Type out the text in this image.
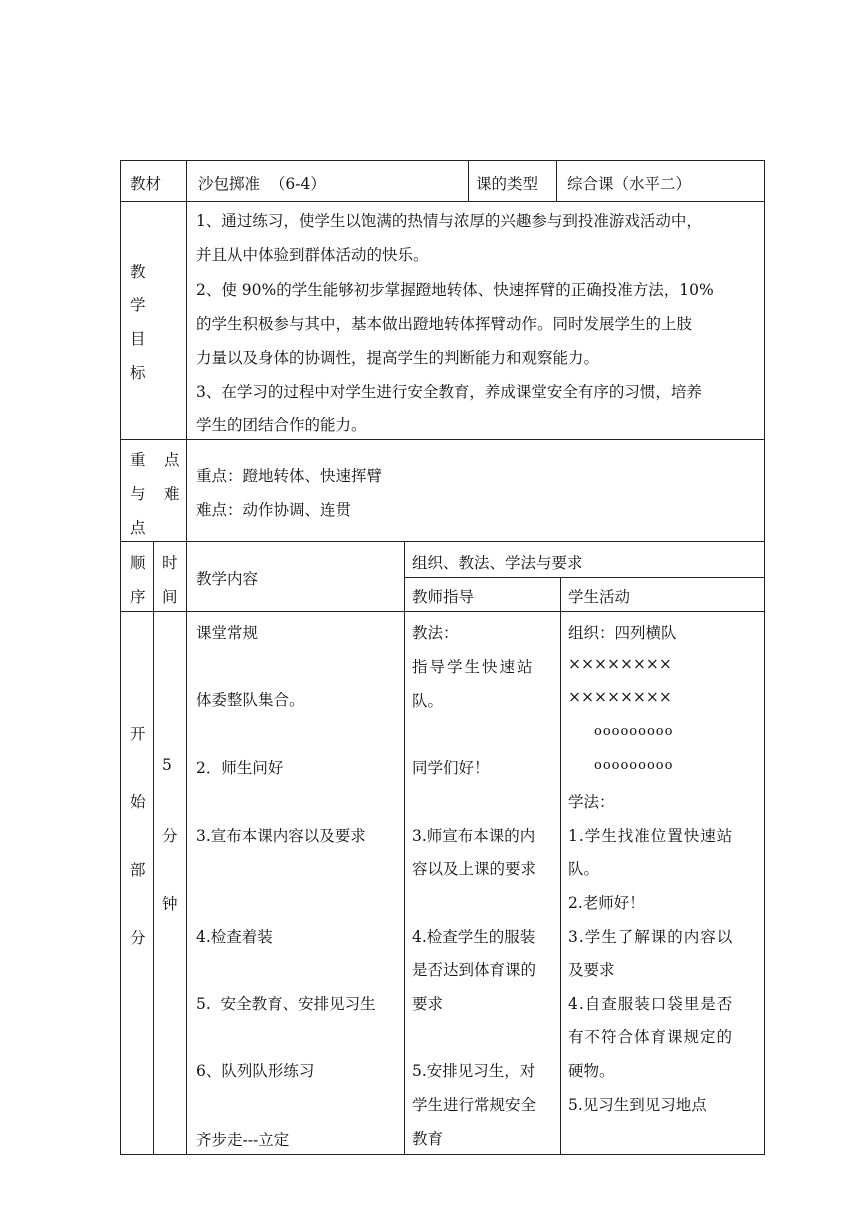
教材 沙包掷准  （6-4）	课的类型 综合课（水平二）
教
学
目
标
1、通过练习，使学生以饱满的热情与浓厚的兴趣参与到投准游戏活动中，
并且从中体验到群体活动的快乐。
2、使 90%的学生能够初步掌握蹬地转体、快速挥臂的正确投准方法，10%
的学生积极参与其中，基本做出蹬地转体挥臂动作。同时发展学生的上肢
力量以及身体的协调性，提高学生的判断能力和观察能力。
3、在学习的过程中对学生进行安全教育，养成课堂安全有序的习惯，培养
学生的团结合作的能力。
重 点
与 难
点
重点：蹬地转体、快速挥臂
难点：动作协调、连贯
顺
序
时
间
教学内容
组织、教法、学法与要求
教师指导	学生活动
开
始
部
分
5
分
钟
课堂常规
体委整队集合。
2．师生问好
3.宣布本课内容以及要求
4.检查着装
5.  安全教育、安排见习生
6、队列队形练习
齐步走---立定
教法：
指导学生快速站
队。
同学们好！
3.师宣布本课的内
容以及上课的要求
4.检查学生的服装
是否达到体育课的
要求
5.安排见习生，对
学生进行常规安全
教育
组织：四列横队
××××××××
××××××××
ooooooooo
ooooooooo
学法：
1.学生找准位置快速站
队。
2.老师好！
3.学生了解课的内容以
及要求
4.自查服装口袋里是否
有不符合体育课规定的
硬物。
5.见习生到见习地点
